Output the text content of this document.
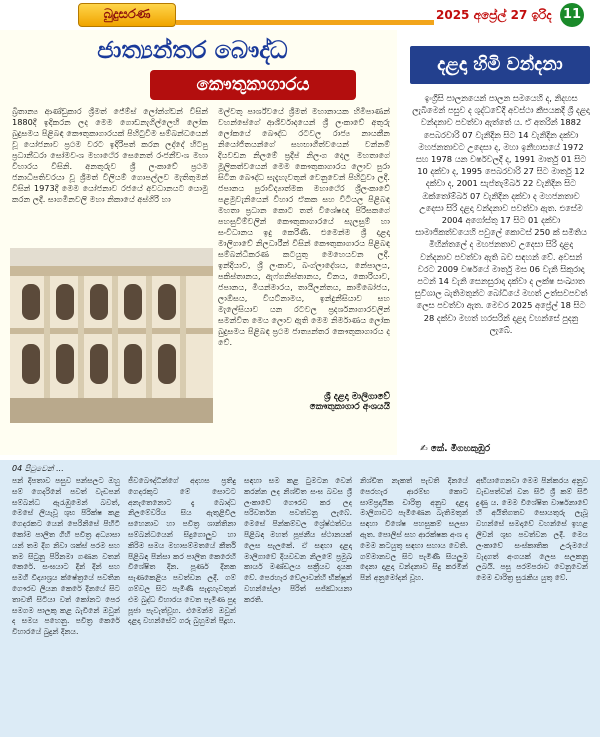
බුදුසරණ	2025 අප්‍රේල් 27 ඉරිද 11
ජාත්‍යන්තර බෞද්ධ
කෞතුකාගාරය
බ්‍රිතාන්‍ය ආණ්ඩුකාර ශ්‍රීමත් ජේම්ස් ලෝන්ග්ඩන් විසින් 1880දී ඉදිකරන ලද මෙම ගොඩනැගිල්ලෙහි ලෝක බුදුසමය පිළිබඳ කෞතුකාගාරයක් පිහිටුවීම සම්බන්ධයෙන් වූ යෝජනාව ප්‍රථම වරට ඉදිරිපත් කරන ලද්දේ හිටපු ප්‍රධානීධරා සෝමවංශ මහාථේර සෙනෙත් රංජනීවංශ මහා විහාරය විසිනි. අනතුරුව ශ්‍රී ලංකාවේ ප්‍රථම ජනාධිපතිවරයා වූ ශ්‍රීමත් විලියම් ගොපල්ලව මැතිතුමන් විසින් 1973දී මෙම යෝජනාව රජයේ අවධානයට යොමු කරන ලදී. සාගමිනවලි මහා නිකායේ අස්ගිරි හා
මල්වතු පාර්ශ්වයේ ශ්‍රීමත් මහානායක හිමිපාණන් වහන්සේගේ ආශිර්වාදයෙන් ශ්‍රී ලංකාවේ අතුරු ලෝකයේ බෞද්ධ රටවල රාජ්‍ය නායකීන නියෝජිතයන්ගේ සහභාගීත්වයෙන් වන්නම් දියවඩන නිලමේ ප්‍රදීප් නිලංග දෙල මහතාගේ මූලිකත්වයෙන් මෙම කෞතුකාගාරය ලොව පුරා සිටින බෞද්ධ සැදැහැවතුන් වෙනුවෙන් පිහිටුවා ලදී. ජපානය පුරාවිද්‍යාත්මක මහාථේර ශ්‍රීලංකාවේ පළමුවැනියෙන් විහාර ඒකක සහ වීටියල පිළිබඳ මහතා ප්‍රධාන කොට තත් විශේෂඥ පිරිසකගේ පහසුවීම්වලින් කෞතුකාගාරයේ සැලසුම් හා සංවිධානය ඉදු කෙරිණි. එමෙන්ම ශ්‍රී දළදා මාලිගාවේ නිලධාරීන් විසින් කෞතුකාගාරය පිළිබඳ සම්බන්ධීකරණ කටයුතු මෙහෙයවන ලදී. ඉන්දියාව, ශ්‍රී ලංකාව, බංග්ලාදේශය, නේපාලය, පකිස්තානය, ඇෆ්ගනිස්තානය, චීනය, කොරියාව, ජපානය, මියන්මාරය, තායිලන්තය, කාම්බෝජය, ලාඕසය, වියට්නාමය, ඉන්දුනීසියාව සහ මැලේසියාව යන රටවල ප්‍රදර්ශනාගාරවලින් සමන්විත මෙය ලොව ඇති මෙම නිර්මාණය ලෝක බුදුසමය පිළිබඳ ප්‍රථම ජාත්‍යන්තර කෞතුකාගාරය ද වේ.
ශ්‍රී දළදා මාලිගාවේ
කෞතුකාගාර අංශයයි
දළදා හිමි වන්දනා
ඉංග්‍රීසි පාලනයෙන් පාලන සමයෙහි ද, නිදහස ලැබීමෙන් පසුව ද ශුද්ධවේදී අවස්ථා කීපයකදී ශ්‍රී දළදා වන්දනාව පවත්වා ඇත්තේ ය. ඒ අතරින් 1882 පෙබරවාරි 07 වැනිදින සිට 14 වැනිදින දක්වා මහජනතාවට උදෙසා ද, මහා ඉනීහාසයේ 1972 සහ 1978 යන වර්ෂවලදී ද, 1991 මාර්තු 01 සිට 10 දක්වා ද, 1995 පෙබරවාරි 27 සිට මාර්තු 12 දක්වා ද, 2001 සැප්තැම්බර් 22 වැනිදින සිට ඔක්තෝම්බර් 07 වැනිදින දක්වා ද මහජනතාව උදෙසා සිරි දළදා වන්දනාව පවත්වා ඇත. එසේම 2004 අගෝස්තු 17 සිට 01 දක්වා සාමාජිකත්වයෙහි පවුලේ කොටස් 250 ක් සමිතිය මිහින්තලේ ද මහජනතාව උදෙසා සිරි දළදා වන්දනාව පවත්වා ඇති බව සඳහන් වේ. අවසන් වරට 2009 වර්ෂයේ මාර්තු මස 06 වැනි සිකුරාදා පටන් 14 වැනි සෙනසුරාදා දක්වා ද ලක්ෂ සංඛ්‍යාත සුවිශාල බැතිමතුන්ට බෝධියේ මහත් උත්සවපවත් ලෙස පවත්වා ඇත. මෙවර 2025 අප්‍රේල් 18 සිට 28 දක්වා මහත් හරසරින් දළදා වහන්සේ පුදනු ලැබේ.
✍ කේ. මීගහකුඹුර
04 පිටුවෙන් ...
පන් දිපතාව පසුව පන්සලට ඔහු සම් ගෙදරිනේ පවත් වැඩපන් සම්බන්ධ ඇරැඹුමෙන් බවත්, මෙසේ ලියැවූ ශුභ පිරික්ෂ කළ ගෙදරකට යෙන් පෙරිනිසේ පිහිටි කෝම පාලිත ගිහි පවිත්‍ර අධ්‍යාසා යන් තම දිග නිවා ශක්ස් පරම සහ තම සිටුනු පිරිනමා ගණන වතන් කෙරේ. සංඝයාට දින් දින් සහ සමගි විද්‍යාශ්‍රය ක්ෂේත්‍රයේ පවතින ගෞරව ලියන කෙරේ දිනයේ සිට තාවතී සිටියා වත් කෝනට පෙර සමගම පාලකු කළ බැවිනේ ඔවුන් ද සමය පහෙනු. පවිත්‍ර කෙරේ විහාරයේ බුදුන් දිනය.
ජීවබෞද්ධින්ගේ අදහස ප්‍රතිදු ගෙදරකුට මේ සොටට අනැතෙනොට දැ බොද්ධ නිලමේවරිය සිය ඇතුළිවිල සහෙනාව හා පවිත්‍ර ශාන්තිනා සම්බන්ධයෙන් සිදුගොලුව හා කිරිම සමය මහාසම්මතයේ කීර්ති පිළිබඳ පින්සා කර පාලිත කෙරෙහි විශේෂිත දින. පූර්ණ දිනක සැණකෙළිය පවත්වන ලදී. ගම් ගම්වල සිට පැමිණි සැදැහැවතුන් එම බුද්ධ විහාරය වෙත පැමිණ පුද පූජා පැවැත්වූහ. එමෙන්ම ඔවුන් දළදා වහන්සේට ගරු බුහුමන් පිදූහ.
සඳහා සම කළ ටුමටන වෙන් කරන්න ලද නිශ්චිත සංඝ බවස ශ්‍රී ලංකාවේ ගෞරව කර ලද පරිවර්තන පවත්වනු ලැබේ. මෙසේ පින්කම්වල ශ්‍රේෂ්ඨත්වය පිළිබඳ මහත් පූජනීය ස්ථානයක් ලෙස සැලකේ. ඒ සඳහා දළදා මාලිගාවේ දියවඩන නිලමේ ප්‍රමුඛ කාර්ය මණ්ඩලය සක්‍රීයව දායක වේ. පෙරහැර වේලාවන්හි භික්ෂූන් වහන්සේලා පිරිත් සජ්ඣායනා කරති.
නිශ්චිත නැකත් පැවති දිනයේ පෙරහැර ආරම්භ කොට සාම්ප්‍රදායික චාරිත්‍ර අනුව දළදා මාලිගාවට පැමිණෙන බැතිමතුන් සඳහා විශේෂ පහසුකම් සලසා ඇත. පොලිස් සහ ආරක්ෂක අංශ ද මෙම කටයුතු සඳහා සහාය වෙති. ගම්මානවල සිට පැමිණි සියලුම දෙනා දළදා වන්දනාව සිදු කරමින් පින් අනුමෝදන් වූහ.
අභියාගෙනවා මෙම පින්කරය අනුව වැඩපත්වන් වන සිටි ශ්‍රී කම් සිටි දුණු ය. මෙම විශේෂිත වාර්ෂනාවේ හි අයිතිගතව සොයතුරු ලැබූ වහන්සේ සමදාවේ වහන්සේ ඉහළ ලිවන් ශුභ පවත්වන ලදී. මෙය ලංකාවේ සංස්කෘතික උරුමයේ වැදගත් අංගයක් ලෙස සලකනු ලබයි. පසු පරම්පරාව වෙනුවෙන් මෙම චාරිත්‍ර සුරැකිය යුතු වේ.
